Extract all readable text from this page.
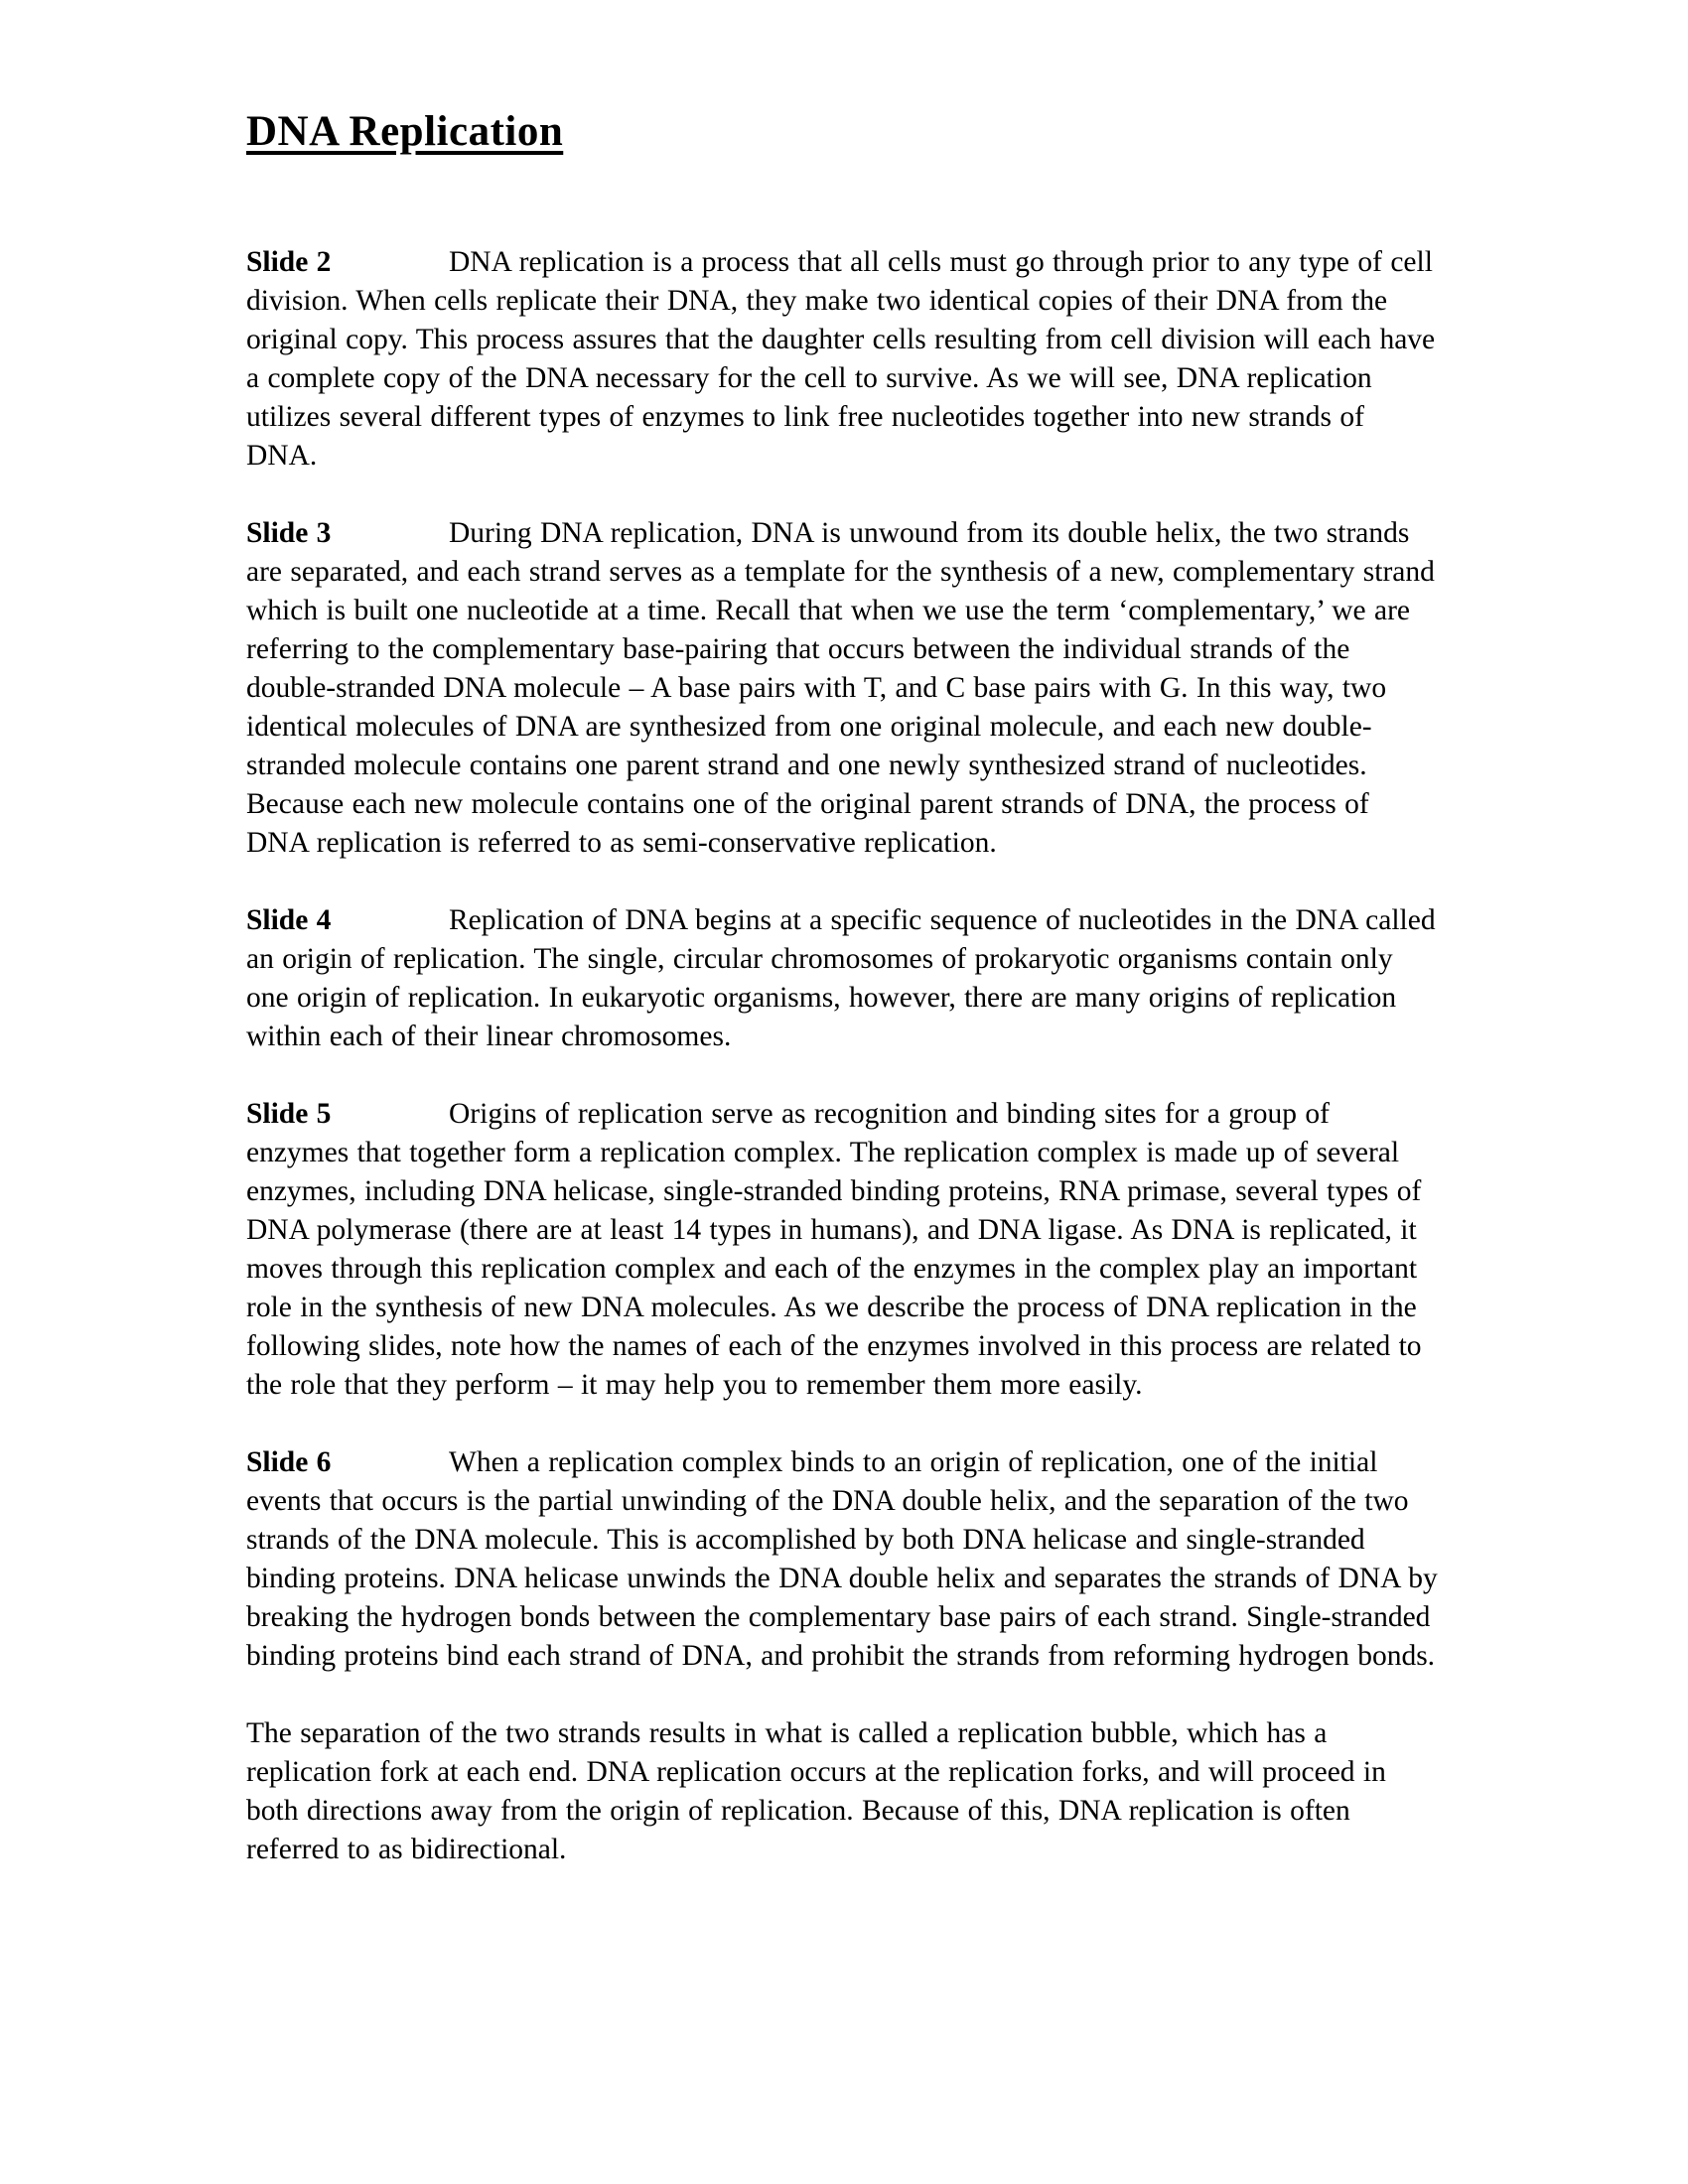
DNA Replication

Slide 2	DNA replication is a process that all cells must go through prior to any type of cell division. When cells replicate their DNA, they make two identical copies of their DNA from the original copy. This process assures that the daughter cells resulting from cell division will each have a complete copy of the DNA necessary for the cell to survive. As we will see, DNA replication utilizes several different types of enzymes to link free nucleotides together into new strands of DNA.

Slide 3	During DNA replication, DNA is unwound from its double helix, the two strands are separated, and each strand serves as a template for the synthesis of a new, complementary strand which is built one nucleotide at a time. Recall that when we use the term ‘complementary,’ we are referring to the complementary base-pairing that occurs between the individual strands of the double-stranded DNA molecule – A base pairs with T, and C base pairs with G. In this way, two identical molecules of DNA are synthesized from one original molecule, and each new double-stranded molecule contains one parent strand and one newly synthesized strand of nucleotides. Because each new molecule contains one of the original parent strands of DNA, the process of DNA replication is referred to as semi-conservative replication.

Slide 4	Replication of DNA begins at a specific sequence of nucleotides in the DNA called an origin of replication. The single, circular chromosomes of prokaryotic organisms contain only one origin of replication. In eukaryotic organisms, however, there are many origins of replication within each of their linear chromosomes.

Slide 5	Origins of replication serve as recognition and binding sites for a group of enzymes that together form a replication complex. The replication complex is made up of several enzymes, including DNA helicase, single-stranded binding proteins, RNA primase, several types of DNA polymerase (there are at least 14 types in humans), and DNA ligase. As DNA is replicated, it moves through this replication complex and each of the enzymes in the complex play an important role in the synthesis of new DNA molecules. As we describe the process of DNA replication in the following slides, note how the names of each of the enzymes involved in this process are related to the role that they perform – it may help you to remember them more easily.

Slide 6	When a replication complex binds to an origin of replication, one of the initial events that occurs is the partial unwinding of the DNA double helix, and the separation of the two strands of the DNA molecule. This is accomplished by both DNA helicase and single-stranded binding proteins. DNA helicase unwinds the DNA double helix and separates the strands of DNA by breaking the hydrogen bonds between the complementary base pairs of each strand. Single-stranded binding proteins bind each strand of DNA, and prohibit the strands from reforming hydrogen bonds.

The separation of the two strands results in what is called a replication bubble, which has a replication fork at each end. DNA replication occurs at the replication forks, and will proceed in both directions away from the origin of replication. Because of this, DNA replication is often referred to as bidirectional.
